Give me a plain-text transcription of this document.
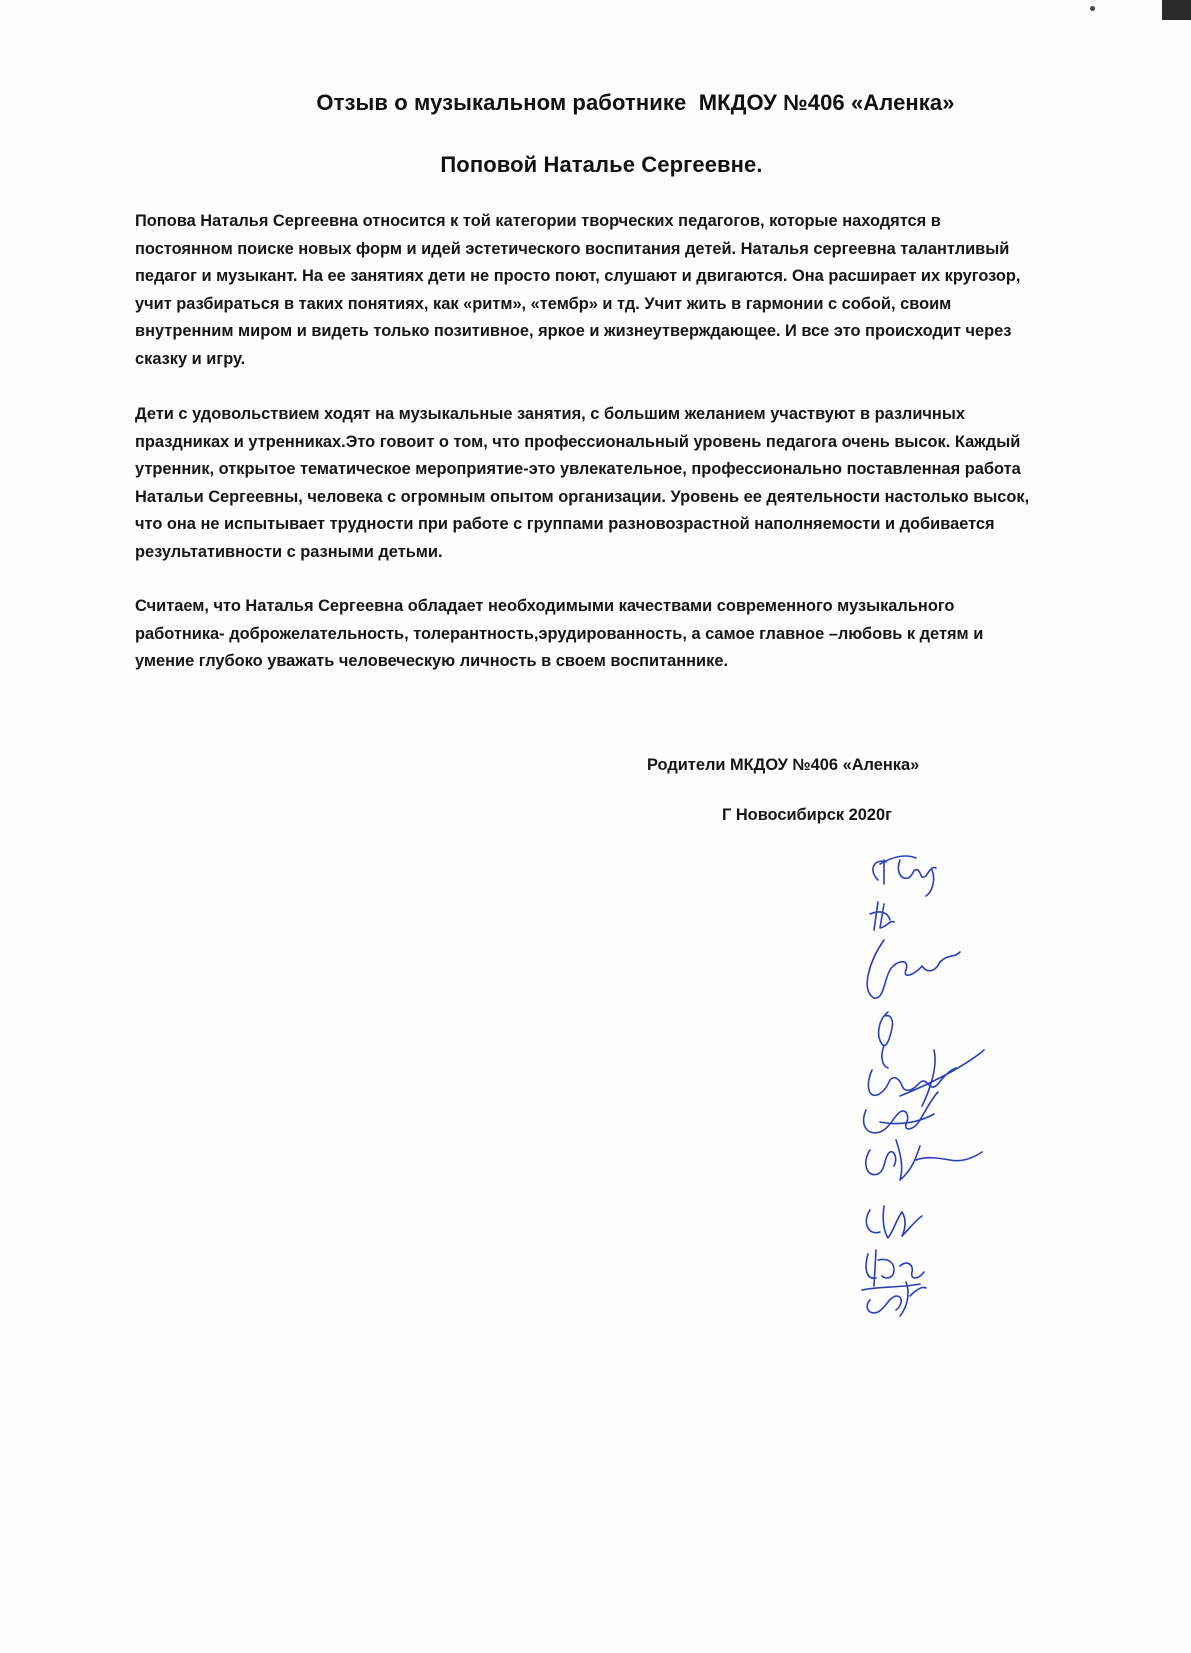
Отзыв о музыкальном работнике  МКДОУ №406 «Аленка»
Поповой Наталье Сергеевне.
Попова Наталья Сергеевна относится к той категории творческих педагогов, которые находятся в
постоянном поиске новых форм и идей эстетического воспитания детей. Наталья сергеевна талантливый
педагог и музыкант. На ее занятиях дети не просто поют, слушают и двигаются. Она расширает их кругозор,
учит разбираться в таких понятиях, как «ритм», «тембр» и тд. Учит жить в гармонии с собой, своим
внутренним миром и видеть только позитивное, яркое и жизнеутверждающее. И все это происходит через
сказку и игру.
Дети с удовольствием ходят на музыкальные занятия, с большим желанием участвуют в различных
праздниках и утренниках.Это говоит о том, что профессиональный уровень педагога очень высок. Каждый
утренник, открытое тематическое мероприятие-это увлекательное, профессионально поставленная работа
Натальи Сергеевны, человека с огромным опытом организации. Уровень ее деятельности настолько высок,
что она не испытывает трудности при работе с группами разновозрастной наполняемости и добивается
результативности с разными детьми.
Считаем, что Наталья Сергеевна обладает необходимыми качествами современного музыкального
работника- доброжелательность, толерантность,эрудированность, а самое главное –любовь к детям и
умение глубоко уважать человеческую личность в своем воспитаннике.
Родители МКДОУ №406 «Аленка»
Г Новосибирск 2020г
